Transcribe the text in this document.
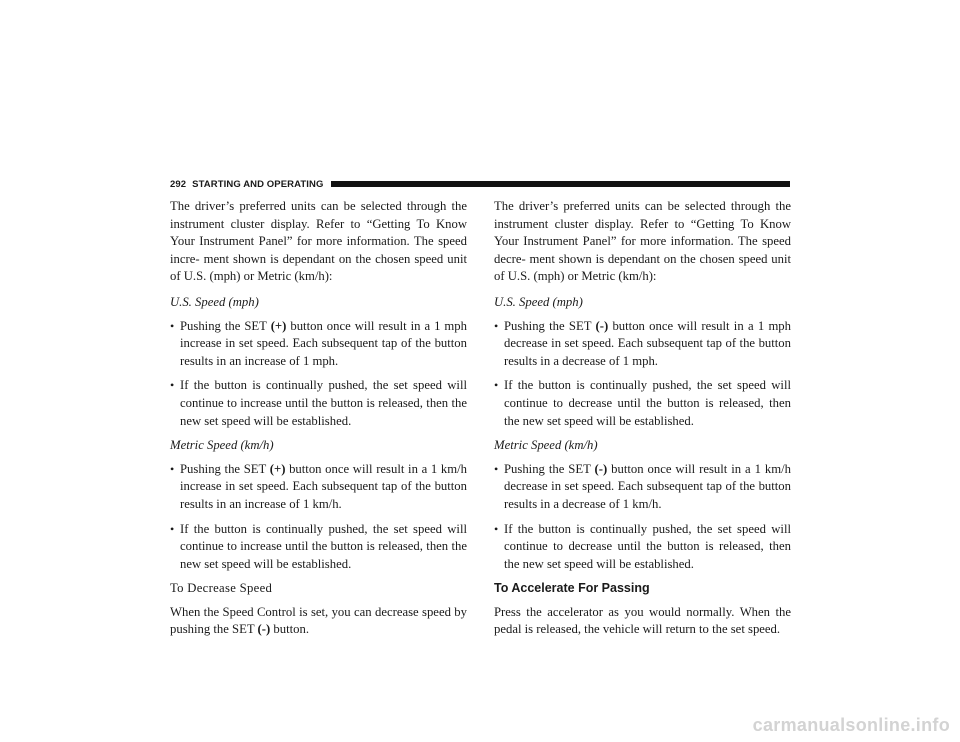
292 STARTING AND OPERATING

The driver’s preferred units can be selected through the instrument cluster display. Refer to “Getting To Know Your Instrument Panel” for more information. The speed incre- ment shown is dependant on the chosen speed unit of U.S. (mph) or Metric (km/h):

U.S. Speed (mph)

• Pushing the SET (+) button once will result in a 1 mph increase in set speed. Each subsequent tap of the button results in an increase of 1 mph.
• If the button is continually pushed, the set speed will continue to increase until the button is released, then the new set speed will be established.

Metric Speed (km/h)

• Pushing the SET (+) button once will result in a 1 km/h increase in set speed. Each subsequent tap of the button results in an increase of 1 km/h.
• If the button is continually pushed, the set speed will continue to increase until the button is released, then the new set speed will be established.

To Decrease Speed

When the Speed Control is set, you can decrease speed by pushing the SET (-) button.

The driver’s preferred units can be selected through the instrument cluster display. Refer to “Getting To Know Your Instrument Panel” for more information. The speed decre- ment shown is dependant on the chosen speed unit of U.S. (mph) or Metric (km/h):

U.S. Speed (mph)

• Pushing the SET (-) button once will result in a 1 mph decrease in set speed. Each subsequent tap of the button results in a decrease of 1 mph.
• If the button is continually pushed, the set speed will continue to decrease until the button is released, then the new set speed will be established.

Metric Speed (km/h)

• Pushing the SET (-) button once will result in a 1 km/h decrease in set speed. Each subsequent tap of the button results in a decrease of 1 km/h.
• If the button is continually pushed, the set speed will continue to decrease until the button is released, then the new set speed will be established.
To Accelerate For Passing

Press the accelerator as you would normally. When the pedal is released, the vehicle will return to the set speed.

carmanualsonline.info
